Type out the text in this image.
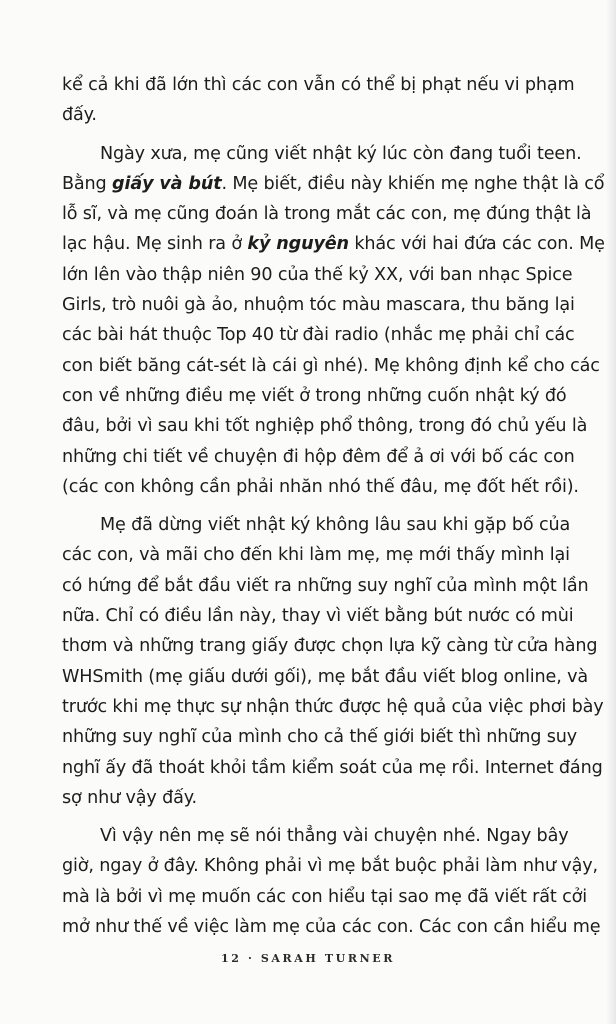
kể cả khi đã lớn thì các con vẫn có thể bị phạt nếu vi phạm
đấy.
Ngày xưa, mẹ cũng viết nhật ký lúc còn đang tuổi teen.
Bằng giấy và bút. Mẹ biết, điều này khiến mẹ nghe thật là cổ
lỗ sĩ, và mẹ cũng đoán là trong mắt các con, mẹ đúng thật là
lạc hậu. Mẹ sinh ra ở kỷ nguyên khác với hai đứa các con. Mẹ
lớn lên vào thập niên 90 của thế kỷ XX, với ban nhạc Spice
Girls, trò nuôi gà ảo, nhuộm tóc màu mascara, thu băng lại
các bài hát thuộc Top 40 từ đài radio (nhắc mẹ phải chỉ các
con biết băng cát-sét là cái gì nhé). Mẹ không định kể cho các
con về những điều mẹ viết ở trong những cuốn nhật ký đó
đâu, bởi vì sau khi tốt nghiệp phổ thông, trong đó chủ yếu là
những chi tiết về chuyện đi hộp đêm để ả ơi với bố các con
(các con không cần phải nhăn nhó thế đâu, mẹ đốt hết rồi).
Mẹ đã dừng viết nhật ký không lâu sau khi gặp bố của
các con, và mãi cho đến khi làm mẹ, mẹ mới thấy mình lại
có hứng để bắt đầu viết ra những suy nghĩ của mình một lần
nữa. Chỉ có điều lần này, thay vì viết bằng bút nước có mùi
thơm và những trang giấy được chọn lựa kỹ càng từ cửa hàng
WHSmith (mẹ giấu dưới gối), mẹ bắt đầu viết blog online, và
trước khi mẹ thực sự nhận thức được hệ quả của việc phơi bày
những suy nghĩ của mình cho cả thế giới biết thì những suy
nghĩ ấy đã thoát khỏi tầm kiểm soát của mẹ rồi. Internet đáng
sợ như vậy đấy.
Vì vậy nên mẹ sẽ nói thẳng vài chuyện nhé. Ngay bây
giờ, ngay ở đây. Không phải vì mẹ bắt buộc phải làm như vậy,
mà là bởi vì mẹ muốn các con hiểu tại sao mẹ đã viết rất cởi
mở như thế về việc làm mẹ của các con. Các con cần hiểu mẹ
12 · SARAH TURNER
